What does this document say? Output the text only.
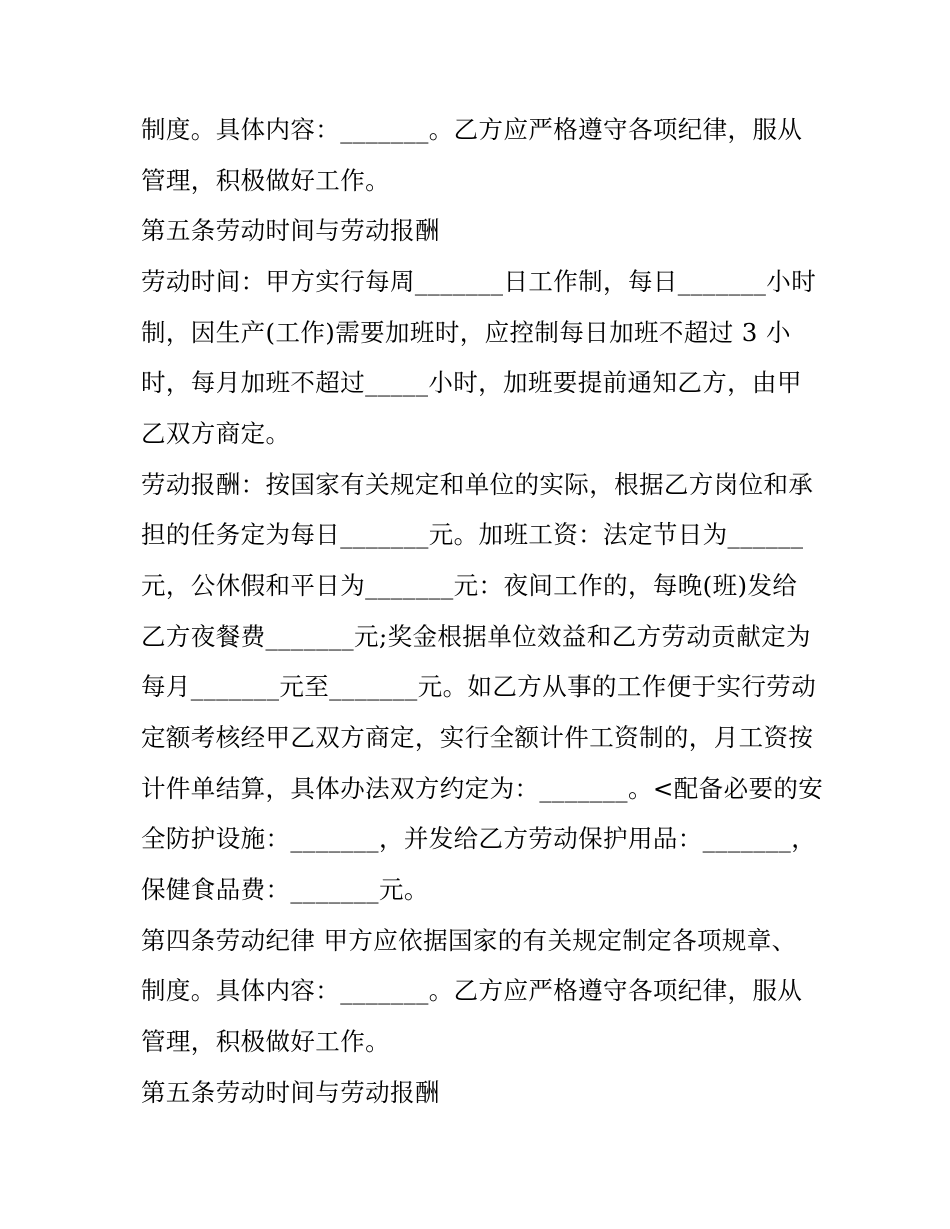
制度。具体内容：_______。乙方应严格遵守各项纪律，服从
管理，积极做好工作。
第五条劳动时间与劳动报酬
劳动时间：甲方实行每周_______日工作制，每日_______小时
制，因生产(工作)需要加班时，应控制每日加班不超过 3 小
时，每月加班不超过_____小时，加班要提前通知乙方，由甲
乙双方商定。
劳动报酬：按国家有关规定和单位的实际，根据乙方岗位和承
担的任务定为每日_______元。加班工资：法定节日为______
元，公休假和平日为_______元：夜间工作的，每晚(班)发给
乙方夜餐费_______元;奖金根据单位效益和乙方劳动贡献定为
每月_______元至_______元。如乙方从事的工作便于实行劳动
定额考核经甲乙双方商定，实行全额计件工资制的，月工资按
计件单结算，具体办法双方约定为：_______。<配备必要的安
全防护设施：_______，并发给乙方劳动保护用品：_______，
保健食品费：_______元。
第四条劳动纪律 甲方应依据国家的有关规定制定各项规章、
制度。具体内容：_______。乙方应严格遵守各项纪律，服从
管理，积极做好工作。
第五条劳动时间与劳动报酬
